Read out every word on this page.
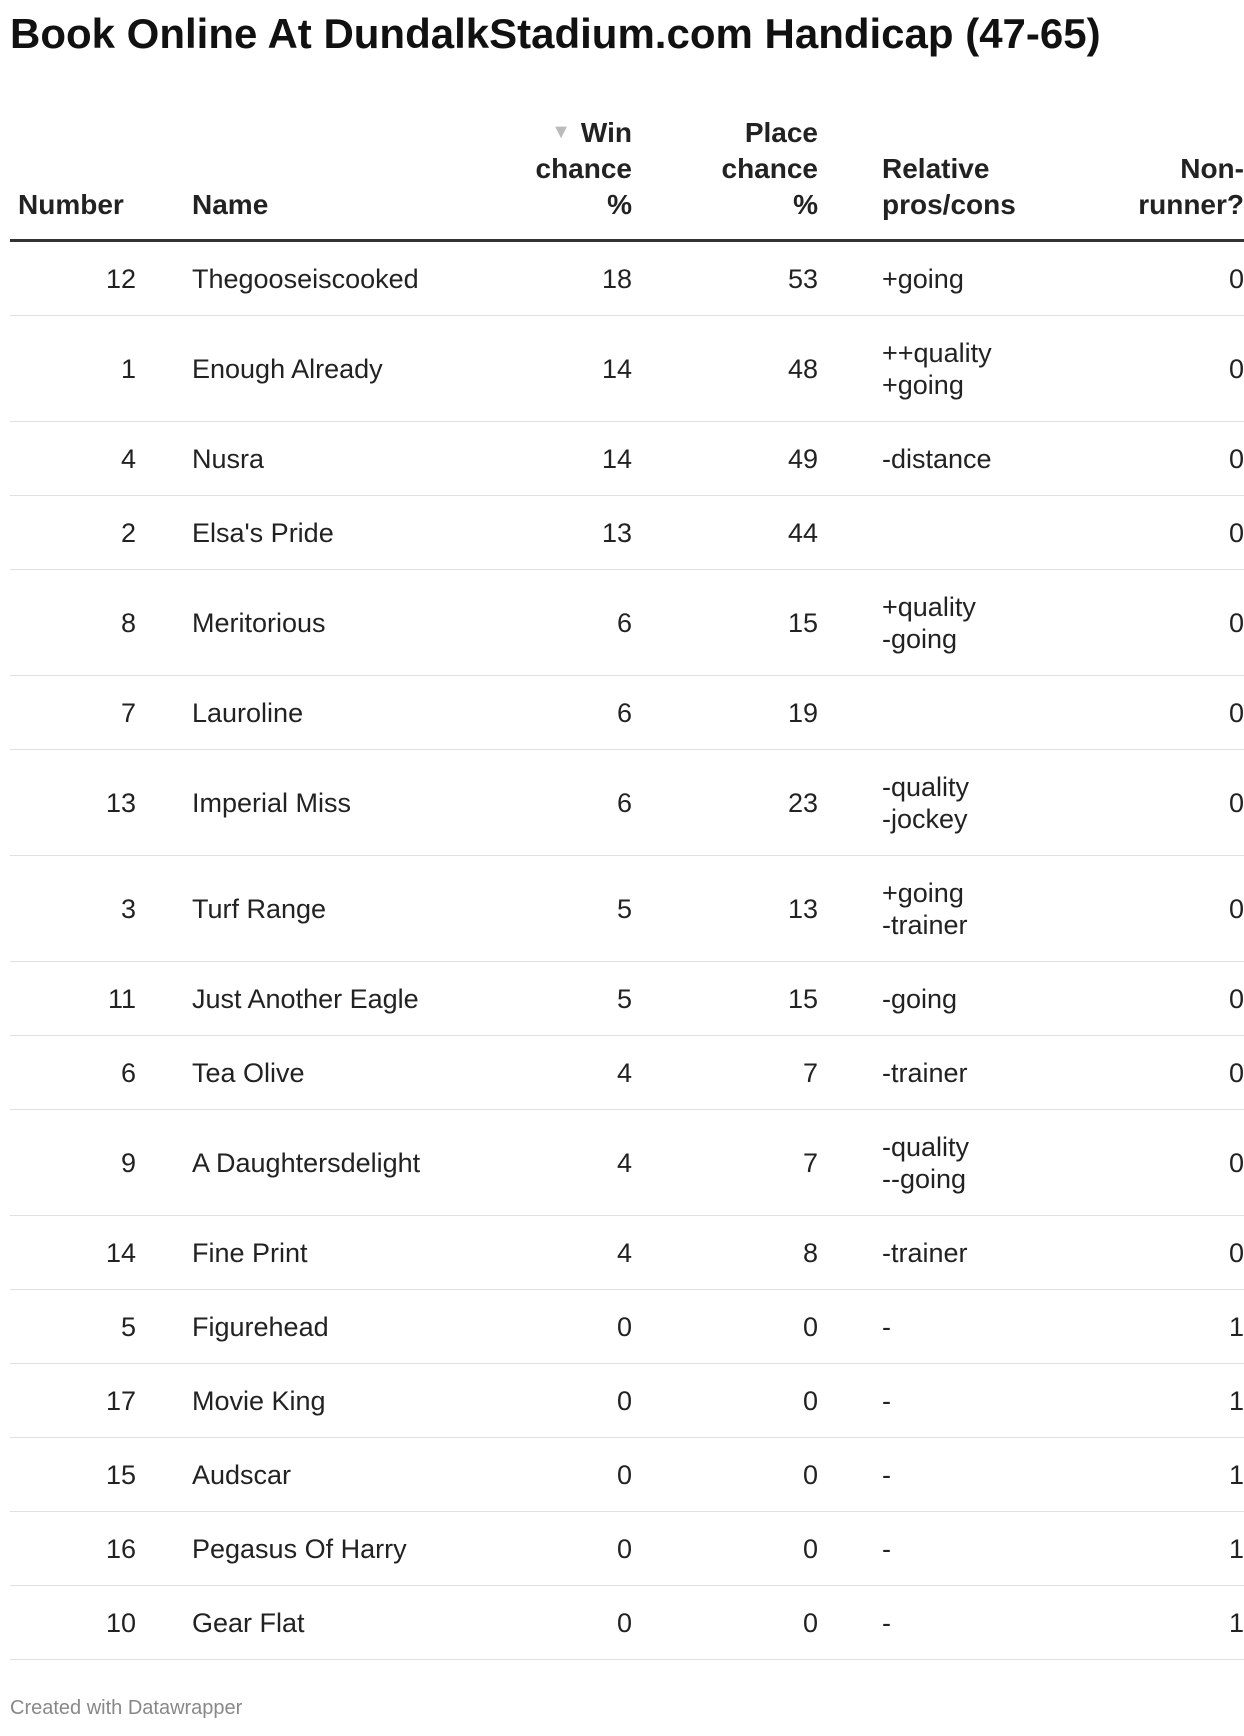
Book Online At DundalkStadium.com Handicap (47-65)
Number	Name	▼ Win
chance
%	Place
chance
%	Relative
pros/cons	Non-
runner?
12	Thegooseiscooked	18	53	+going	0
1	Enough Already	14	48	++quality
+going	0
4	Nusra	14	49	-distance	0
2	Elsa's Pride	13	44		0
8	Meritorious	6	15	+quality
-going	0
7	Lauroline	6	19		0
13	Imperial Miss	6	23	-quality
-jockey	0
3	Turf Range	5	13	+going
-trainer	0
11	Just Another Eagle	5	15	-going	0
6	Tea Olive	4	7	-trainer	0
9	A Daughtersdelight	4	7	-quality
--going	0
14	Fine Print	4	8	-trainer	0
5	Figurehead	0	0	-	1
17	Movie King	0	0	-	1
15	Audscar	0	0	-	1
16	Pegasus Of Harry	0	0	-	1
10	Gear Flat	0	0	-	1
Created with Datawrapper
